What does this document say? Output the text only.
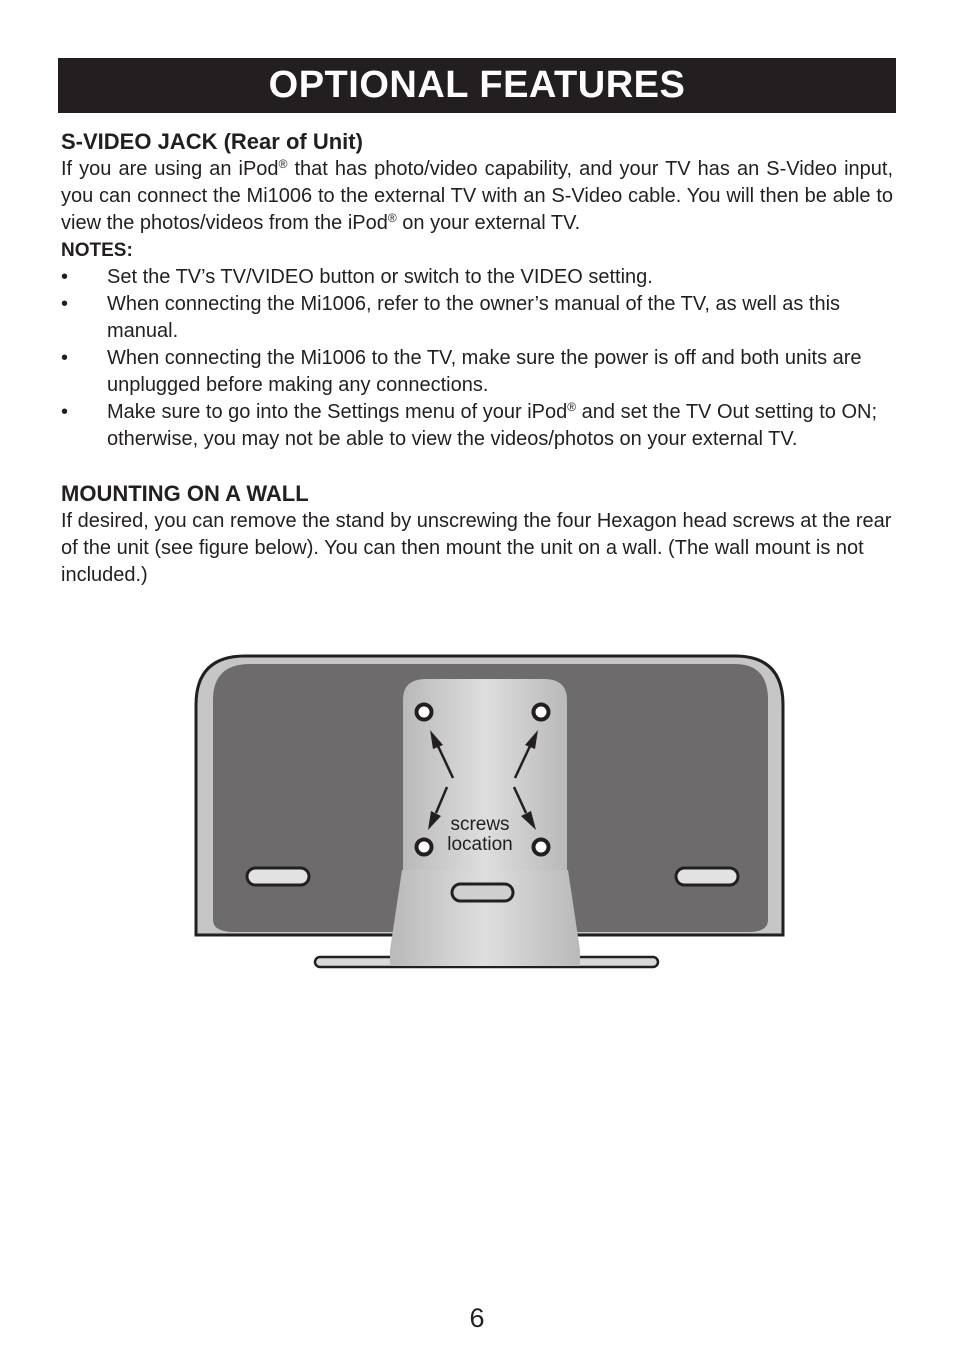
OPTIONAL FEATURES
S-VIDEO JACK (Rear of Unit)

If you are using an iPod® that has photo/video capability, and your TV has an S-Video input, you can connect the Mi1006 to the external TV with an S-Video cable. You will then be able to view the photos/videos from the iPod® on your external TV.

NOTES:
• Set the TV’s TV/VIDEO button or switch to the VIDEO setting.
• When connecting the Mi1006, refer to the owner’s manual of the TV, as well as this manual.
• When connecting the Mi1006 to the TV, make sure the power is off and both units are unplugged before making any connections.
• Make sure to go into the Settings menu of your iPod® and set the TV Out setting to ON; otherwise, you may not be able to view the videos/photos on your external TV.
MOUNTING ON A WALL

If desired, you can remove the stand by unscrewing the four Hexagon head screws at the rear of the unit (see figure below). You can then mount the unit on a wall. (The wall mount is not included.)

screws
location
6
